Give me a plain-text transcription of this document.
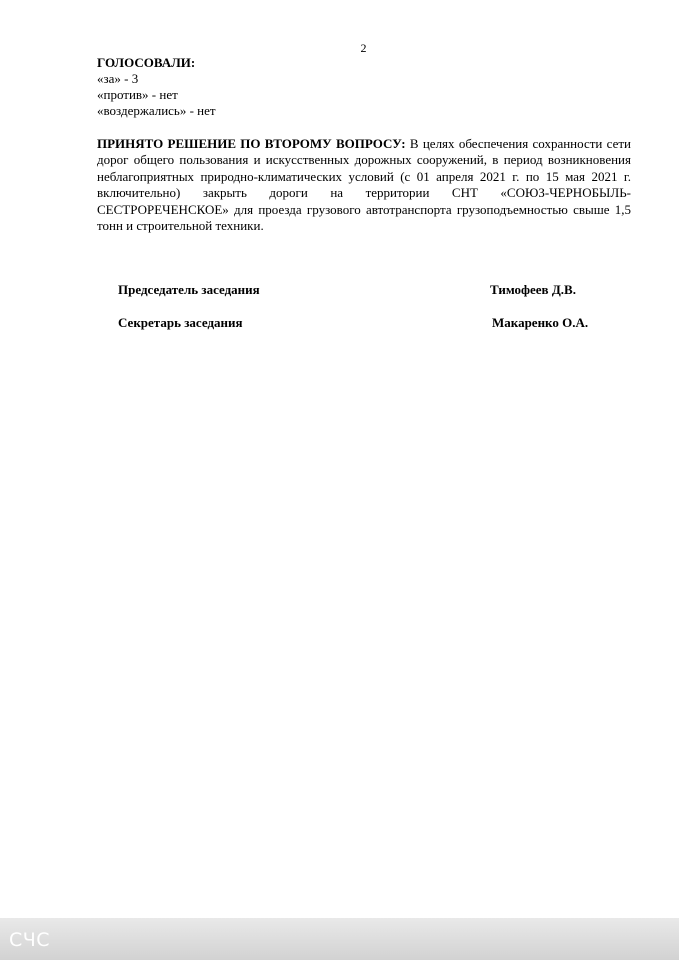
2
ГОЛОСОВАЛИ:
«за» - 3
«против» - нет
«воздержались» - нет
ПРИНЯТО РЕШЕНИЕ ПО ВТОРОМУ ВОПРОСУ: В целях обеспечения сохранности сети дорог общего пользования и искусственных дорожных сооружений, в период возникновения неблагоприятных природно-климатических условий (с 01 апреля 2021 г. по 15 мая 2021 г. включительно) закрыть дороги на территории СНТ «СОЮЗ-ЧЕРНОБЫЛЬ-СЕСТРОРЕЧЕНСКОЕ» для проезда грузового автотранспорта грузоподъемностью свыше 1,5 тонн и строительной техники.
Председатель заседания	Тимофеев Д.В.
Секретарь заседания	Макаренко О.А.
СЧС
